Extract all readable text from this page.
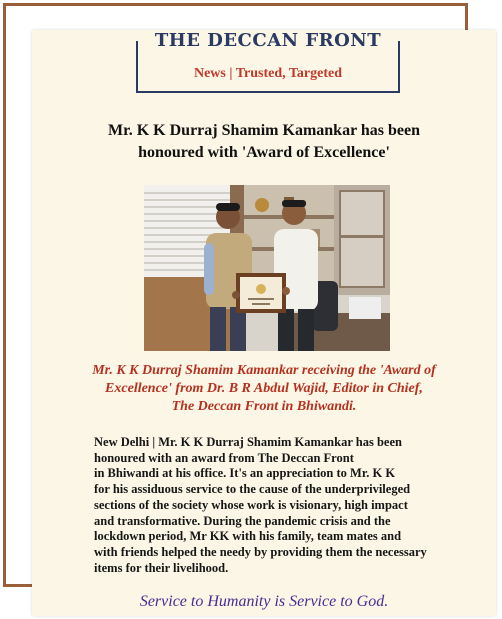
THE DECCAN FRONT
News | Trusted, Targeted
Mr. K K Durraj Shamim Kamankar has been
honoured with 'Award of Excellence'
Mr. K K Durraj Shamim Kamankar receiving the 'Award of
Excellence' from Dr. B R Abdul Wajid, Editor in Chief,
The Deccan Front in Bhiwandi.
New Delhi | Mr. K K Durraj Shamim Kamankar has been
honoured with an award from The Deccan Front
in Bhiwandi at his office. It's an appreciation to Mr. K K
for his assiduous service to the cause of the underprivileged
sections of the society whose work is visionary, high impact
and transformative. During the pandemic crisis and the
lockdown period, Mr KK with his family, team mates and
with friends helped the needy by providing them the necessary
items for their livelihood.
Service to Humanity is Service to God.
